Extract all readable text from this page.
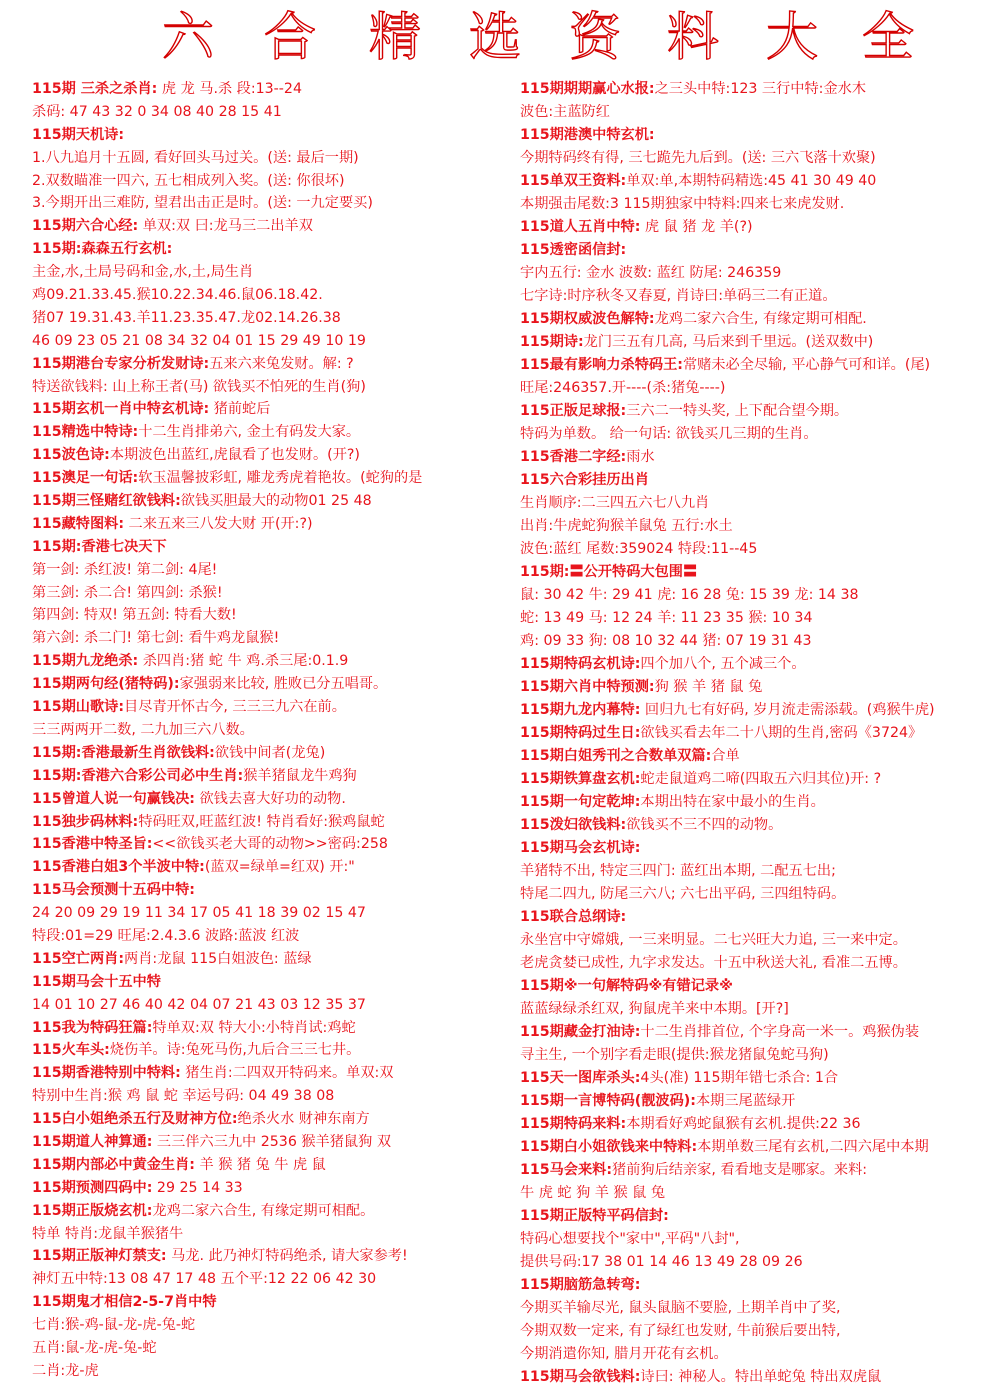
六 合 精 选 资 料 大 全
115期 三杀之杀肖: 虎 龙 马.杀 段:13--24
杀码: 47 43 32 0 34 08 40 28 15 41
115期天机诗:
1.八九追月十五圆, 看好回头马过关。(送: 最后一期)
2.双数瞄准一四六, 五七相成列入奖。(送: 你很坏)
3.今期开出三难防, 望君出击正是时。(送: 一九定要买)
115期六合心经: 单双:双 曰:龙马三二出羊双
115期:森森五行玄机:
主金,水,土局号码和金,水,土,局生肖
鸡09.21.33.45.猴10.22.34.46.鼠06.18.42.
猪07 19.31.43.羊11.23.35.47.龙02.14.26.38
46 09 23 05 21 08 34 32 04 01 15 29 49 10 19
115期港台专家分析发财诗:五来六来兔发财。解: ?
特送欲钱料: 山上称王者(马) 欲钱买不怕死的生肖(狗)
115期玄机一肖中特玄机诗: 猪前蛇后
115精选中特诗:十二生肖排弟六, 金土有码发大家。
115波色诗:本期波色出蓝红,虎鼠看了也发财。(开?)
115澳足一句话:软玉温馨披彩虹, 雕龙秀虎着艳妆。(蛇狗的是
115期三怪赌红欲钱料:欲钱买胆最大的动物01 25 48
115藏特图料: 二来五来三八发大财 开(开:?)
115期:香港七决天下
第一剑: 杀红波! 第二剑: 4尾!
第三剑: 杀二合! 第四剑: 杀猴!
第四剑: 特双! 第五剑: 特看大数!
第六剑: 杀二门! 第七剑: 看牛鸡龙鼠猴!
115期九龙绝杀: 杀四肖:猪 蛇 牛 鸡.杀三尾:0.1.9
115期两句经(猪特码):家强弱来比较, 胜败已分五唱哥。
115期山歌诗:目尽青开怀古今, 三三三九六在前。
三三两两开二数, 二九加三六八数。
115期:香港最新生肖欲钱料:欲钱中间者(龙兔)
115期:香港六合彩公司必中生肖:猴羊猪鼠龙牛鸡狗
115曾道人说一句赢钱决: 欲钱去喜大好功的动物.
115独步码林料:特码旺双,旺蓝红波! 特肖看好:猴鸡鼠蛇
115香港中特圣旨:<<欲钱买老大哥的动物>>密码:258
115香港白姐3个半波中特:(蓝双=绿单=红双) 开:"
115马会预测十五码中特:
24 20 09 29 19 11 34 17 05 41 18 39 02 15 47
特段:01=29 旺尾:2.4.3.6 波路:蓝波 红波
115空亡两肖:两肖:龙鼠 115白姐波色: 蓝绿
115期马会十五中特
14 01 10 27 46 40 42 04 07 21 43 03 12 35 37
115我为特码狂篇:特单双:双 特大小:小特肖试:鸡蛇
115火车头:烧伤羊。诗:兔死马伤,九后合三三七井。
115期香港特别中特料: 猪生肖:二四双开特码来。单双:双
特别中生肖:猴 鸡 鼠 蛇 幸运号码: 04 49 38 08
115白小姐绝杀五行及财神方位:绝杀火水 财神东南方
115期道人神算通: 三三伴六三九中 2536 猴羊猪鼠狗 双
115期内部必中黄金生肖: 羊 猴 猪 兔 牛 虎 鼠
115期预测四码中: 29 25 14 33
115期正版烧玄机:龙鸡二家六合生, 有缘定期可相配。
特单 特肖:龙鼠羊猴猪牛
115期正版神灯禁支: 马龙. 此乃神灯特码绝杀, 请大家参考!
神灯五中特:13 08 47 17 48 五个平:12 22 06 42 30
115期鬼才相信2-5-7肖中特
七肖:猴-鸡-鼠-龙-虎-兔-蛇
五肖:鼠-龙-虎-兔-蛇
二肖:龙-虎
115期期期赢心水报:之三头中特:123 三行中特:金水木
波色:主蓝防红
115期港澳中特玄机:
今期特码终有得, 三七跪先九后到。(送: 三六飞落十欢聚)
115单双王资料:单双:单,本期特码精选:45 41 30 49 40
本期强击尾数:3 115期独家中特料:四来七来虎发财.
115道人五肖中特: 虎 鼠 猪 龙 羊(?)
115透密函信封:
宇内五行: 金水 波数: 蓝红 防尾: 246359
七字诗:时序秋冬又春夏, 肖诗曰:单码三二有正道。
115期权威波色解特:龙鸡二家六合生, 有缘定期可相配.
115期诗:龙门三五有几高, 马后来到千里远。(送双数中)
115最有影响力杀特码王:常赌未必全尽输, 平心静气可和详。(尾)
旺尾:246357.开----(杀:猪兔----)
115正版足球报:三六二一特头奖, 上下配合望今期。
特码为单数。 给一句话: 欲钱买几三期的生肖。
115香港二字经:雨水
115六合彩挂历出肖
生肖顺序:二三四五六七八九肖
出肖:牛虎蛇狗猴羊鼠兔 五行:水土
波色:蓝红 尾数:359024 特段:11--45
115期:〓公开特码大包围〓
鼠: 30 42 牛: 29 41 虎: 16 28 兔: 15 39 龙: 14 38
蛇: 13 49 马: 12 24 羊: 11 23 35 猴: 10 34
鸡: 09 33 狗: 08 10 32 44 猪: 07 19 31 43
115期特码玄机诗:四个加八个, 五个减三个。
115期六肖中特预测:狗 猴 羊 猪 鼠 兔
115期九龙内幕特: 回归九七有好码, 岁月流走需添载。(鸡猴牛虎)
115期特码过生日:欲钱买看去年二十八期的生肖,密码《3724》
115期白姐秀刊之合数单双篇:合单
115期铁算盘玄机:蛇走鼠道鸡二啼(四取五六归其位)开: ?
115期一句定乾坤:本期出特在家中最小的生肖。
115泼妇欲钱料:欲钱买不三不四的动物。
115期马会玄机诗:
羊猪特不出, 特定三四门: 蓝红出本期, 二配五七出;
特尾二四九, 防尾三六八; 六七出平码, 三四组特码。
115联合总纲诗:
永坐宫中守嫦娥, 一三来明显。二七兴旺大力追, 三一来中定。
老虎贪婪已成性, 九字求发达。十五中秋送大礼, 看准二五博。
115期※一句解特码※有错记录※
蓝蓝绿绿杀红双, 狗鼠虎羊来中本期。[开?]
115期藏金打油诗:十二生肖排首位, 个字身高一米一。鸡猴伪装
寻主生, 一个别字看走眼(提供:猴龙猪鼠兔蛇马狗)
115天一图库杀头:4头(准) 115期年错七杀合: 1合
115期一言博特码(靓波码):本期三尾蓝绿开
115期特码来料:本期看好鸡蛇鼠猴有玄机.提供:22 36
115期白小姐欲钱来中特料:本期单数三尾有玄机,二四六尾中本期
115马会来料:猪前狗后结亲家, 看看地支是哪家。来料:
牛 虎 蛇 狗 羊 猴 鼠 兔
115期正版特平码信封:
特码心想要找个"家中",平码"八封",
提供号码:17 38 01 14 46 13 49 28 09 26
115期脑筋急转弯:
今期买羊输尽光, 鼠头鼠脑不要脸, 上期羊肖中了奖,
今期双数一定来, 有了绿红也发财, 牛前猴后要出特,
今期消遣你知, 腊月开花有玄机。
115期马会欲钱料:诗曰: 神秘人。特出单蛇兔 特出双虎鼠
